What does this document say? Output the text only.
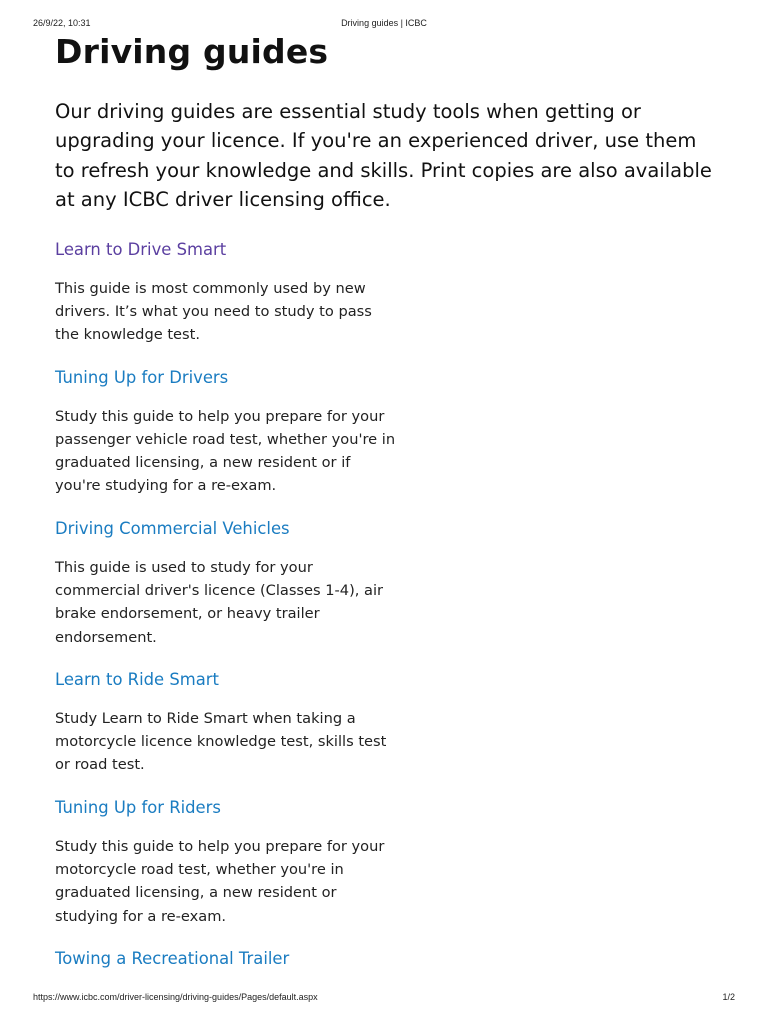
26/9/22, 10:31	Driving guides | ICBC
Driving guides

Our driving guides are essential study tools when getting or upgrading your licence. If you're an experienced driver, use them to refresh your knowledge and skills. Print copies are also available at any ICBC driver licensing office.

Learn to Drive Smart

This guide is most commonly used by new drivers. It’s what you need to study to pass the knowledge test.

Tuning Up for Drivers

Study this guide to help you prepare for your passenger vehicle road test, whether you're in graduated licensing, a new resident or if you're studying for a re-exam.

Driving Commercial Vehicles

This guide is used to study for your commercial driver's licence (Classes 1-4), air brake endorsement, or heavy trailer endorsement.

Learn to Ride Smart

Study Learn to Ride Smart when taking a motorcycle licence knowledge test, skills test or road test.

Tuning Up for Riders

Study this guide to help you prepare for your motorcycle road test, whether you're in graduated licensing, a new resident or studying for a re-exam.

Towing a Recreational Trailer
https://www.icbc.com/driver-licensing/driving-guides/Pages/default.aspx	1/2
